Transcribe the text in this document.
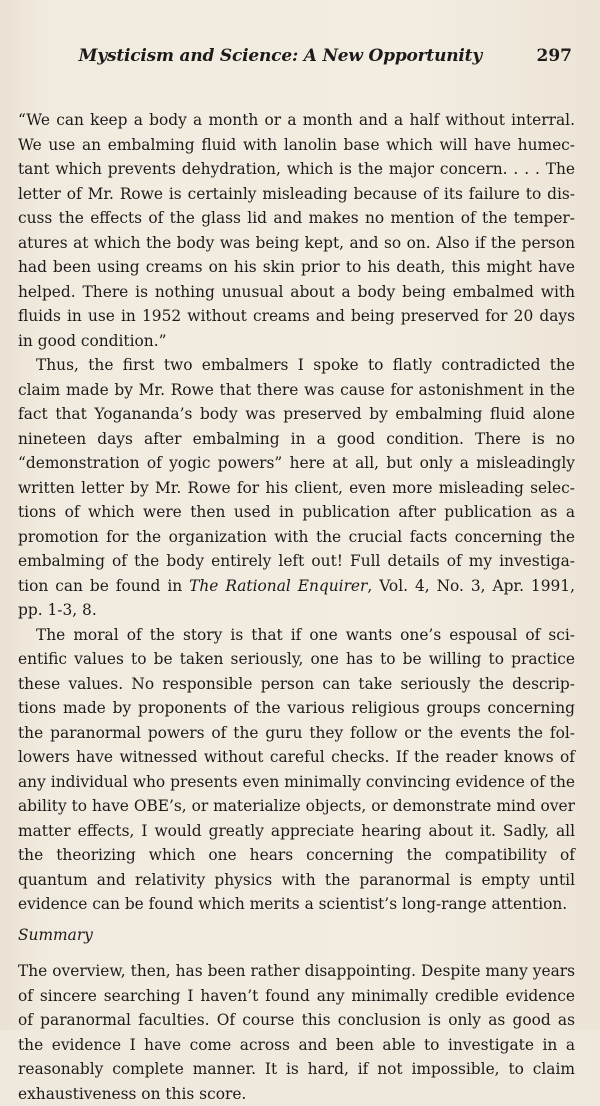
Mysticism and Science: A New Opportunity	297

“We can keep a body a month or a month and a half without interral. We use an embalming fluid with lanolin base which will have humectant which prevents dehydration, which is the major concern. . . . The letter of Mr. Rowe is certainly misleading because of its failure to discuss the effects of the glass lid and makes no mention of the temperatures at which the body was being kept, and so on. Also if the person had been using creams on his skin prior to his death, this might have helped. There is nothing unusual about a body being embalmed with fluids in use in 1952 without creams and being preserved for 20 days in good condition.”

Thus, the first two embalmers I spoke to flatly contradicted the claim made by Mr. Rowe that there was cause for astonishment in the fact that Yogananda’s body was preserved by embalming fluid alone nineteen days after embalming in a good condition. There is no “demonstration of yogic powers” here at all, but only a misleadingly written letter by Mr. Rowe for his client, even more misleading selections of which were then used in publication after publication as a promotion for the organization with the crucial facts concerning the embalming of the body entirely left out! Full details of my investigation can be found in The Rational Enquirer, Vol. 4, No. 3, Apr. 1991, pp. 1-3, 8.

The moral of the story is that if one wants one’s espousal of scientific values to be taken seriously, one has to be willing to practice these values. No responsible person can take seriously the descriptions made by proponents of the various religious groups concerning the paranormal powers of the guru they follow or the events the followers have witnessed without careful checks. If the reader knows of any individual who presents even minimally convincing evidence of the ability to have OBE’s, or materialize objects, or demonstrate mind over matter effects, I would greatly appreciate hearing about it. Sadly, all the theorizing which one hears concerning the compatibility of quantum and relativity physics with the paranormal is empty until evidence can be found which merits a scientist’s long-range attention.

Summary

The overview, then, has been rather disappointing. Despite many years of sincere searching I haven’t found any minimally credible evidence of paranormal faculties. Of course this conclusion is only as good as the evidence I have come across and been able to investigate in a reasonably complete manner. It is hard, if not impossible, to claim exhaustiveness on this score.
